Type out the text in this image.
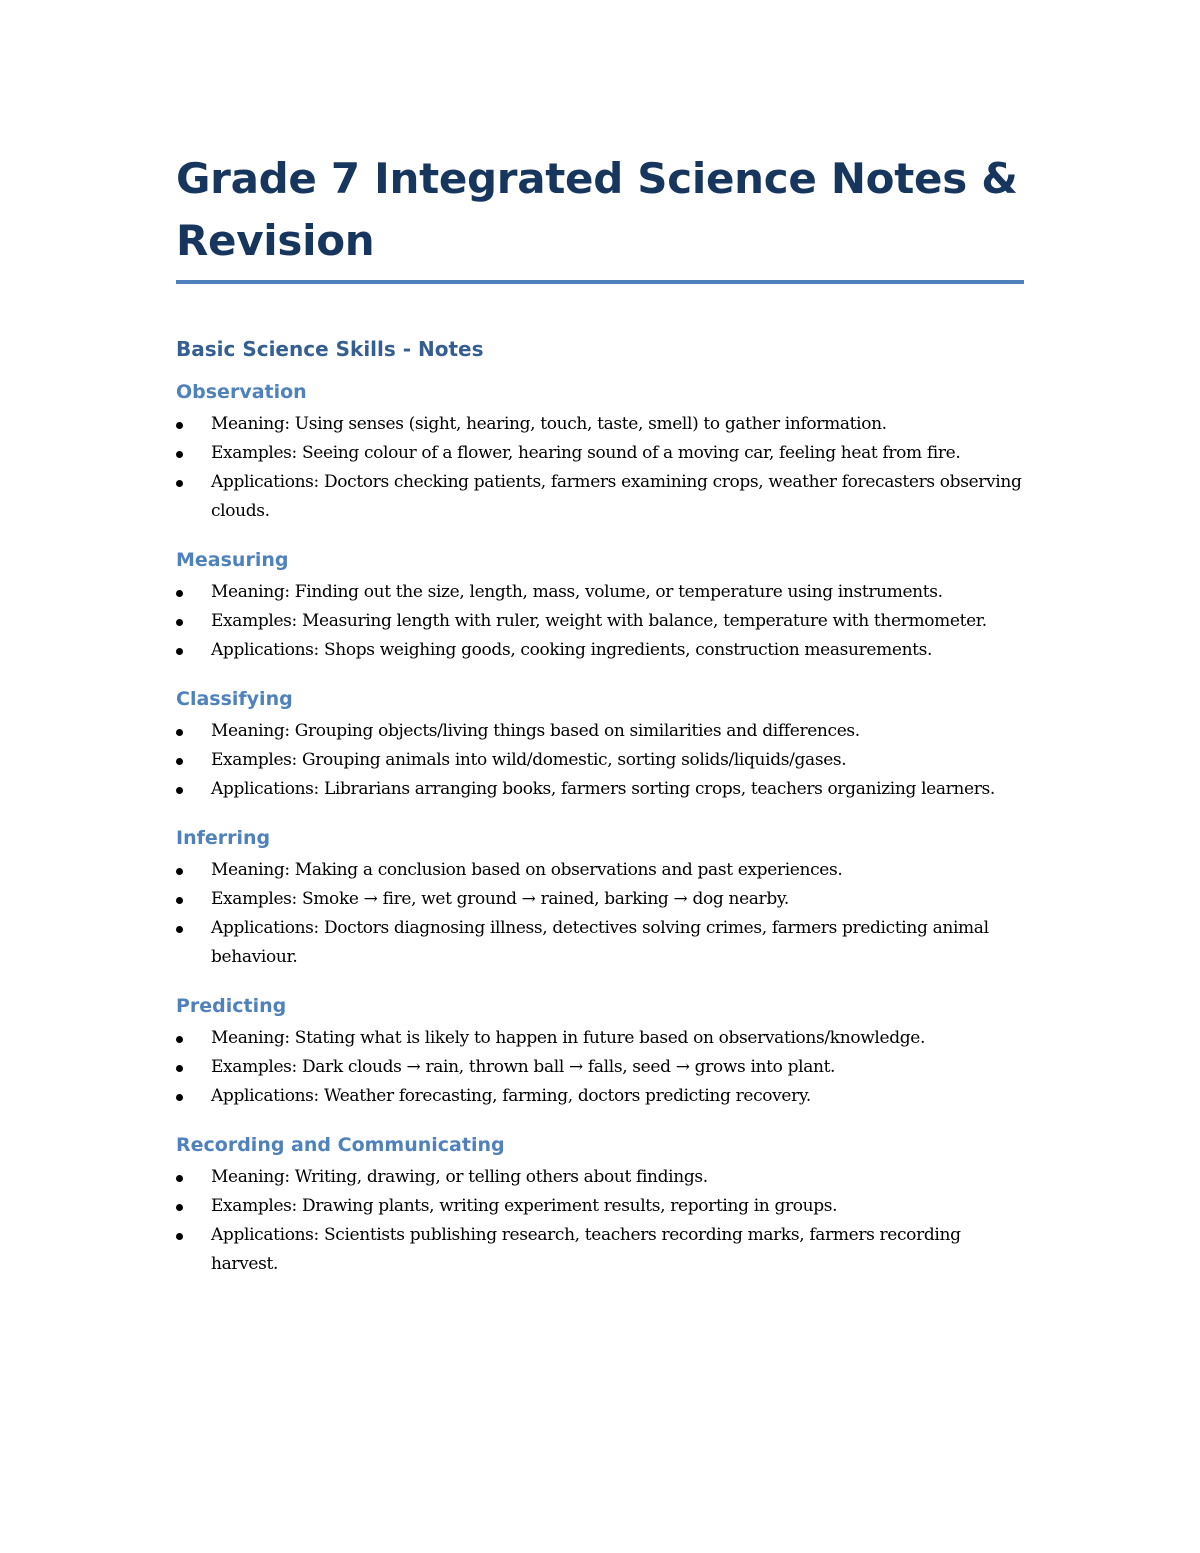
Grade 7 Integrated Science Notes & Revision
Basic Science Skills - Notes
Observation
Meaning: Using senses (sight, hearing, touch, taste, smell) to gather information.
Examples: Seeing colour of a flower, hearing sound of a moving car, feeling heat from fire.
Applications: Doctors checking patients, farmers examining crops, weather forecasters observing clouds.
Measuring
Meaning: Finding out the size, length, mass, volume, or temperature using instruments.
Examples: Measuring length with ruler, weight with balance, temperature with thermometer.
Applications: Shops weighing goods, cooking ingredients, construction measurements.
Classifying
Meaning: Grouping objects/living things based on similarities and differences.
Examples: Grouping animals into wild/domestic, sorting solids/liquids/gases.
Applications: Librarians arranging books, farmers sorting crops, teachers organizing learners.
Inferring
Meaning: Making a conclusion based on observations and past experiences.
Examples: Smoke → fire, wet ground → rained, barking → dog nearby.
Applications: Doctors diagnosing illness, detectives solving crimes, farmers predicting animal behaviour.
Predicting
Meaning: Stating what is likely to happen in future based on observations/knowledge.
Examples: Dark clouds → rain, thrown ball → falls, seed → grows into plant.
Applications: Weather forecasting, farming, doctors predicting recovery.
Recording and Communicating
Meaning: Writing, drawing, or telling others about findings.
Examples: Drawing plants, writing experiment results, reporting in groups.
Applications: Scientists publishing research, teachers recording marks, farmers recording harvest.
